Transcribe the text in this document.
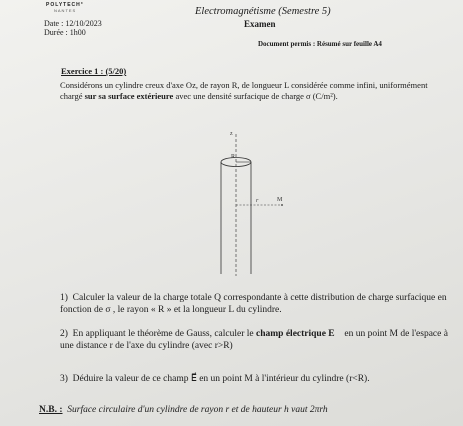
POLYTECH°
NANTES	Electromagnétisme (Semestre 5)
Examen
Date : 12/10/2023
Durée : 1h00
Document permis : Résumé sur feuille A4
Exercice 1 : (5/20)
Considérons un cylindre creux d'axe Oz, de rayon R, de longueur L considérée comme infini, uniformément chargé sur sa surface extérieure avec une densité surfacique de charge σ (C/m²).
z
R
r	M
1) Calculer la valeur de la charge totale Q correspondante à cette distribution de charge surfacique en fonction de σ , le rayon « R » et la longueur L du cylindre.
2) En appliquant le théorème de Gauss, calculer le champ électrique E⃗ en un point M de l'espace à une distance r de l'axe du cylindre (avec r>R)
3) Déduire la valeur de ce champ E⃗ en un point M à l'intérieur du cylindre (r<R).
N.B. : Surface circulaire d'un cylindre de rayon r et de hauteur h vaut 2πrh
